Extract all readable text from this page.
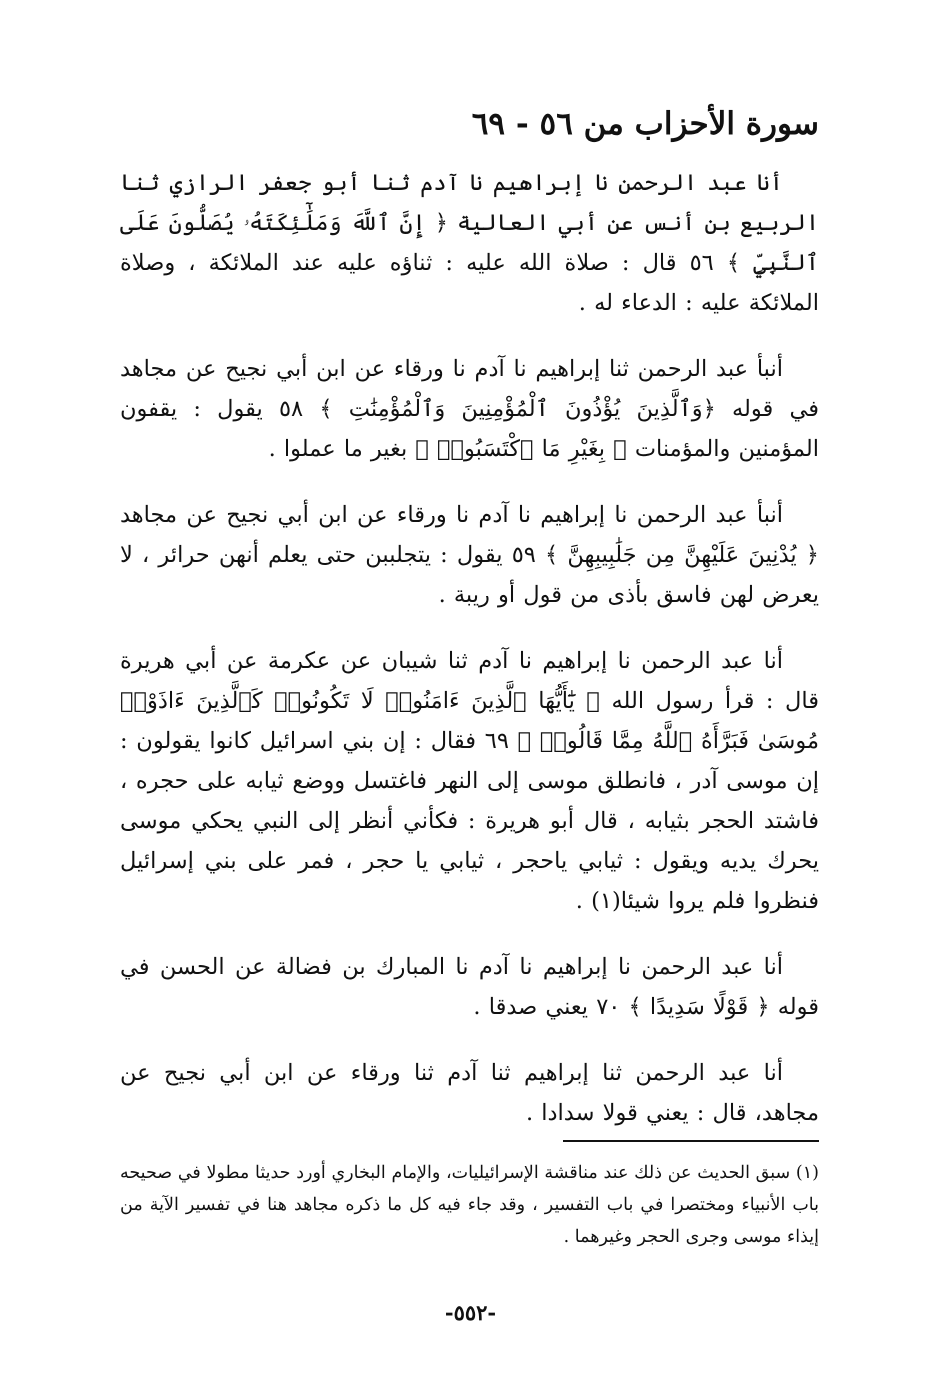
سورة الأحزاب من ٥٦ - ٦٩

أنا عبد الرحمن نا إبراهيم نا آدم ثنا أبو جعفر الرازي ثنا الربيع بن أنس عن أبي العالية ﴿ إِنَّ ٱللَّهَ وَمَلَٰٓئِكَتَهُۥ يُصَلُّونَ عَلَى ٱلنَّبِيِّ ﴾ ٥٦ قال : صلاة الله عليه : ثناؤه عليه عند الملائكة ، وصلاة الملائكة عليه : الدعاء له .

أنبأ عبد الرحمن ثنا إبراهيم نا آدم نا ورقاء عن ابن أبي نجيح عن مجاهد في قوله ﴿وَٱلَّذِينَ يُؤْذُونَ ٱلْمُؤْمِنِينَ وَٱلْمُؤْمِنَٰتِ ﴾ ٥٨ يقول : يقفون المؤمنين والمؤمنات ﴿ بِغَيْرِ مَا ٱكْتَسَبُوا۟ ﴾ بغير ما عملوا .

أنبأ عبد الرحمن نا إبراهيم نا آدم نا ورقاء عن ابن أبي نجيح عن مجاهد ﴿ يُدْنِينَ عَلَيْهِنَّ مِن جَلَٰبِيبِهِنَّ ﴾ ٥٩ يقول : يتجلببن حتى يعلم أنهن حرائر ، لا يعرض لهن فاسق بأذى من قول أو ريبة .

أنا عبد الرحمن نا إبراهيم نا آدم ثنا شيبان عن عكرمة عن أبي هريرة قال : قرأ رسول الله ﴿ يَٰٓأَيُّهَا ٱلَّذِينَ ءَامَنُوا۟ لَا تَكُونُوا۟ كَٱلَّذِينَ ءَاذَوْا۟ مُوسَىٰ فَبَرَّأَهُ ٱللَّهُ مِمَّا قَالُوا۟ ﴾ ٦٩ فقال : إن بني اسرائيل كانوا يقولون : إن موسى آدر ، فانطلق موسى إلى النهر فاغتسل ووضع ثيابه على حجره ، فاشتد الحجر بثيابه ، قال أبو هريرة : فكأني أنظر إلى النبي يحكي موسى يحرك يديه ويقول : ثيابي ياحجر ، ثيابي يا حجر ، فمر على بني إسرائيل فنظروا فلم يروا شيئا(١) .

أنا عبد الرحمن نا إبراهيم نا آدم نا المبارك بن فضالة عن الحسن في قوله ﴿ قَوْلًا سَدِيدًا ﴾ ٧٠ يعني صدقا .

أنا عبد الرحمن ثنا إبراهيم ثنا آدم ثنا ورقاء عن ابن أبي نجيح عن مجاهد، قال : يعني قولا سدادا .

(١) سبق الحديث عن ذلك عند مناقشة الإسرائيليات، والإمام البخاري أورد حديثا مطولا في صحيحه باب الأنبياء ومختصرا في باب التفسير ، وقد جاء فيه كل ما ذكره مجاهد هنا في تفسير الآية من إيذاء موسى وجرى الحجر وغيرهما .

-٥٥٢-
